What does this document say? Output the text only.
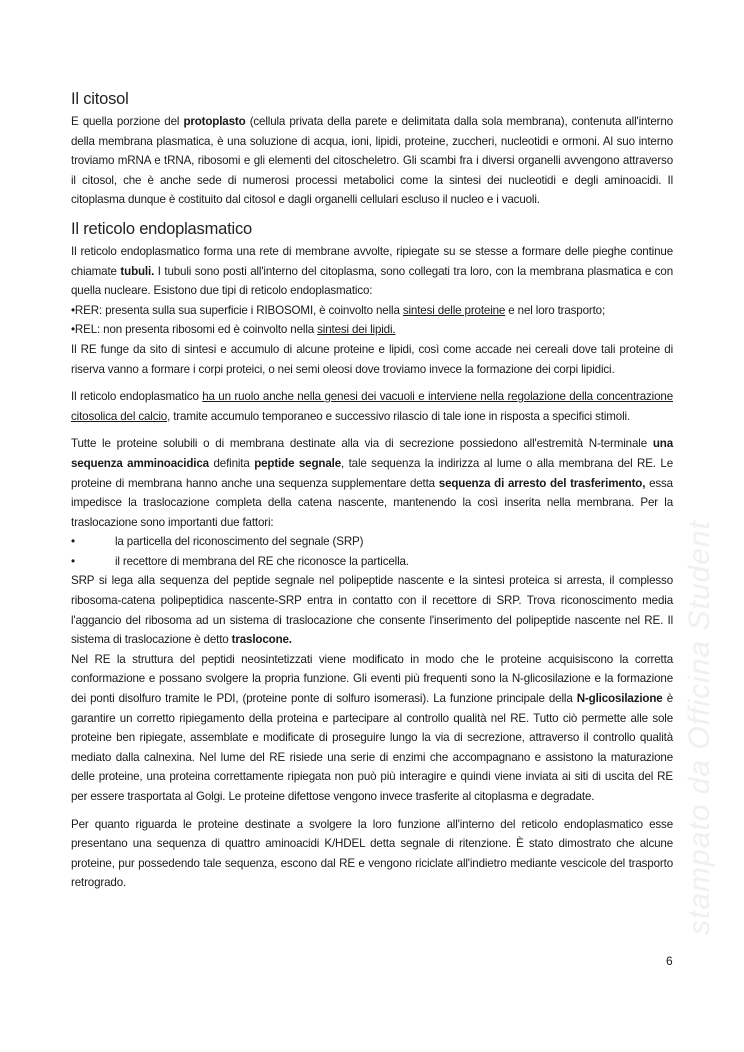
Il citosol

E quella porzione del protoplasto (cellula privata della parete e delimitata dalla sola membrana), contenuta all'interno della membrana plasmatica, è una soluzione di acqua, ioni, lipidi, proteine, zuccheri, nucleotidi e ormoni. Al suo interno troviamo mRNA e tRNA, ribosomi e gli elementi del citoscheletro. Gli scambi fra i diversi organelli avvengono attraverso il citosol, che è anche sede di numerosi processi metabolici come la sintesi dei nucleotidi e degli aminoacidi. Il citoplasma dunque è costituito dal citosol e dagli organelli cellulari escluso il nucleo e i vacuoli.

Il reticolo endoplasmatico

Il reticolo endoplasmatico forma una rete di membrane avvolte, ripiegate su se stesse a formare delle pieghe continue chiamate tubuli. I tubuli sono posti all'interno del citoplasma, sono collegati tra loro, con la membrana plasmatica e con quella nucleare. Esistono due tipi di reticolo endoplasmatico:

•RER: presenta sulla sua superficie i RIBOSOMI, è coinvolto nella sintesi delle proteine e nel loro trasporto;
•REL: non presenta ribosomi ed è coinvolto nella sintesi dei lipidi.

Il RE funge da sito di sintesi e accumulo di alcune proteine e lipidi, così come accade nei cereali dove tali proteine di riserva vanno a formare i corpi proteici, o nei semi oleosi dove troviamo invece la formazione dei corpi lipidici.

Il reticolo endoplasmatico ha un ruolo anche nella genesi dei vacuoli e interviene nella regolazione della concentrazione citosolica del calcio, tramite accumulo temporaneo e successivo rilascio di tale ione in risposta a specifici stimoli.

Tutte le proteine solubili o di membrana destinate alla via di secrezione possiedono all'estremità N-terminale una sequenza amminoacidica definita peptide segnale, tale sequenza la indirizza al lume o alla membrana del RE. Le proteine di membrana hanno anche una sequenza supplementare detta sequenza di arresto del trasferimento, essa impedisce la traslocazione completa della catena nascente, mantenendo la così inserita nella membrana. Per la traslocazione sono importanti due fattori:

•	la particella del riconoscimento del segnale (SRP)
•	il recettore di membrana del RE che riconosce la particella.

SRP si lega alla sequenza del peptide segnale nel polipeptide nascente e la sintesi proteica si arresta, il complesso ribosoma-catena polipeptidica nascente-SRP entra in contatto con il recettore di SRP. Trova riconoscimento media l'aggancio del ribosoma ad un sistema di traslocazione che consente l'inserimento del polipeptide nascente nel RE. Il sistema di traslocazione è detto traslocone.

Nel RE la struttura del peptidi neosintetizzati viene modificato in modo che le proteine acquisiscono la corretta conformazione e possano svolgere la propria funzione. Gli eventi più frequenti sono la N-glicosilazione e la formazione dei ponti disolfuro tramite le PDI, (proteine ponte di solfuro isomerasi). La funzione principale della N-glicosilazione è garantire un corretto ripiegamento della proteina e partecipare al controllo qualità nel RE. Tutto ciò permette alle sole proteine ben ripiegate, assemblate e modificate di proseguire lungo la via di secrezione, attraverso il controllo qualità mediato dalla calnexina. Nel lume del RE risiede una serie di enzimi che accompagnano e assistono la maturazione delle proteine, una proteina correttamente ripiegata non può più interagire e quindi viene inviata ai siti di uscita del RE per essere trasportata al Golgi. Le proteine difettose vengono invece trasferite al citoplasma e degradate.

Per quanto riguarda le proteine destinate a svolgere la loro funzione all'interno del reticolo endoplasmatico esse presentano una sequenza di quattro aminoacidi K/HDEL detta segnale di ritenzione. È stato dimostrato che alcune proteine, pur possedendo tale sequenza, escono dal RE e vengono riciclate all'indietro mediante vescicole del trasporto retrogrado.	stampato da Officina Student
6
